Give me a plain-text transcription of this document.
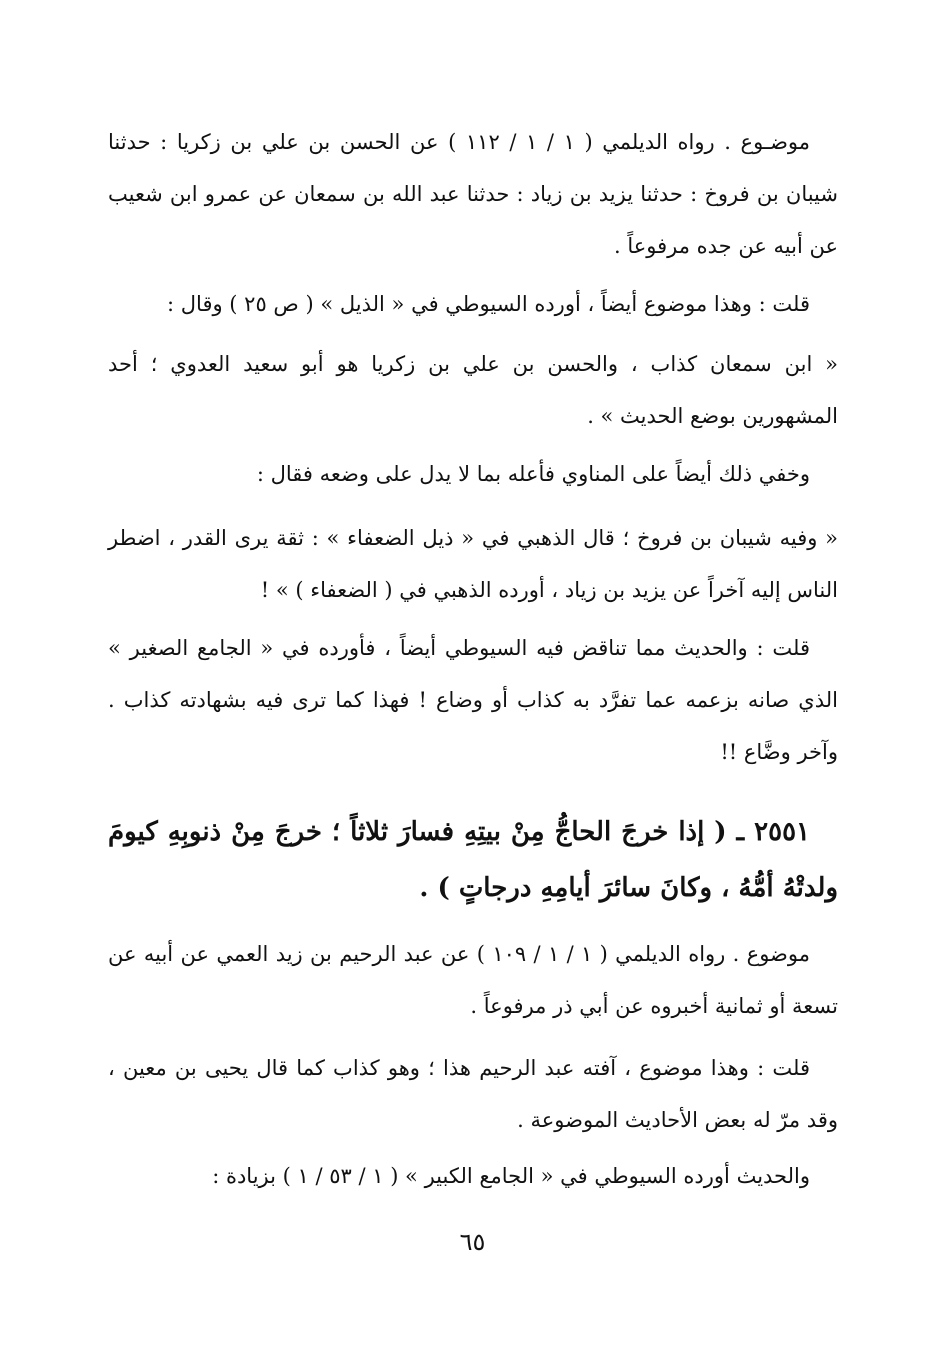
موضـوع . رواه الديلمي ( ١ / ١ / ١١٢ ) عن الحسن بن علي بن زكريا : حدثنا شيبان بن فروخ : حدثنا يزيد بن زياد : حدثنا عبد الله بن سمعان عن عمرو ابن شعيب عن أبيه عن جده مرفوعاً .

قلت : وهذا موضوع أيضاً ، أورده السيوطي في « الذيل » ( ص ٢٥ ) وقال :

« ابن سمعان كذاب ، والحسن بن علي بن زكريا هو أبو سعيد العدوي ؛ أحد المشهورين بوضع الحديث » .

وخفي ذلك أيضاً على المناوي فأعله بما لا يدل على وضعه فقال :

« وفيه شيبان بن فروخ ؛ قال الذهبي في « ذيل الضعفاء » : ثقة يرى القدر ، اضطر الناس إليه آخراً عن يزيد بن زياد ، أورده الذهبي في ( الضعفاء ) » !

قلت : والحديث مما تناقض فيه السيوطي أيضاً ، فأورده في « الجامع الصغير » الذي صانه بزعمه عما تفرَّد به كذاب أو وضاع ! فهذا كما ترى فيه بشهادته كذاب . وآخر وضَّاع !!

٢٥٥١ ـ ( إذا خرجَ الحاجُّ مِنْ بيتِهِ فسارَ ثلاثاً ؛ خرجَ مِنْ ذنوبِهِ كيومَ ولدتْهُ أمُّهُ ، وكانَ سائرَ أيامِهِ درجاتٍ ) .

موضوع . رواه الديلمي ( ١ / ١ / ١٠٩ ) عن عبد الرحيم بن زيد العمي عن أبيه عن تسعة أو ثمانية أخبروه عن أبي ذر مرفوعاً .

قلت : وهذا موضوع ، آفته عبد الرحيم هذا ؛ وهو كذاب كما قال يحيى بن معين ، وقد مرّ له بعض الأحاديث الموضوعة .

والحديث أورده السيوطي في « الجامع الكبير » ( ١ / ٥٣ / ١ ) بزيادة :

٦٥
